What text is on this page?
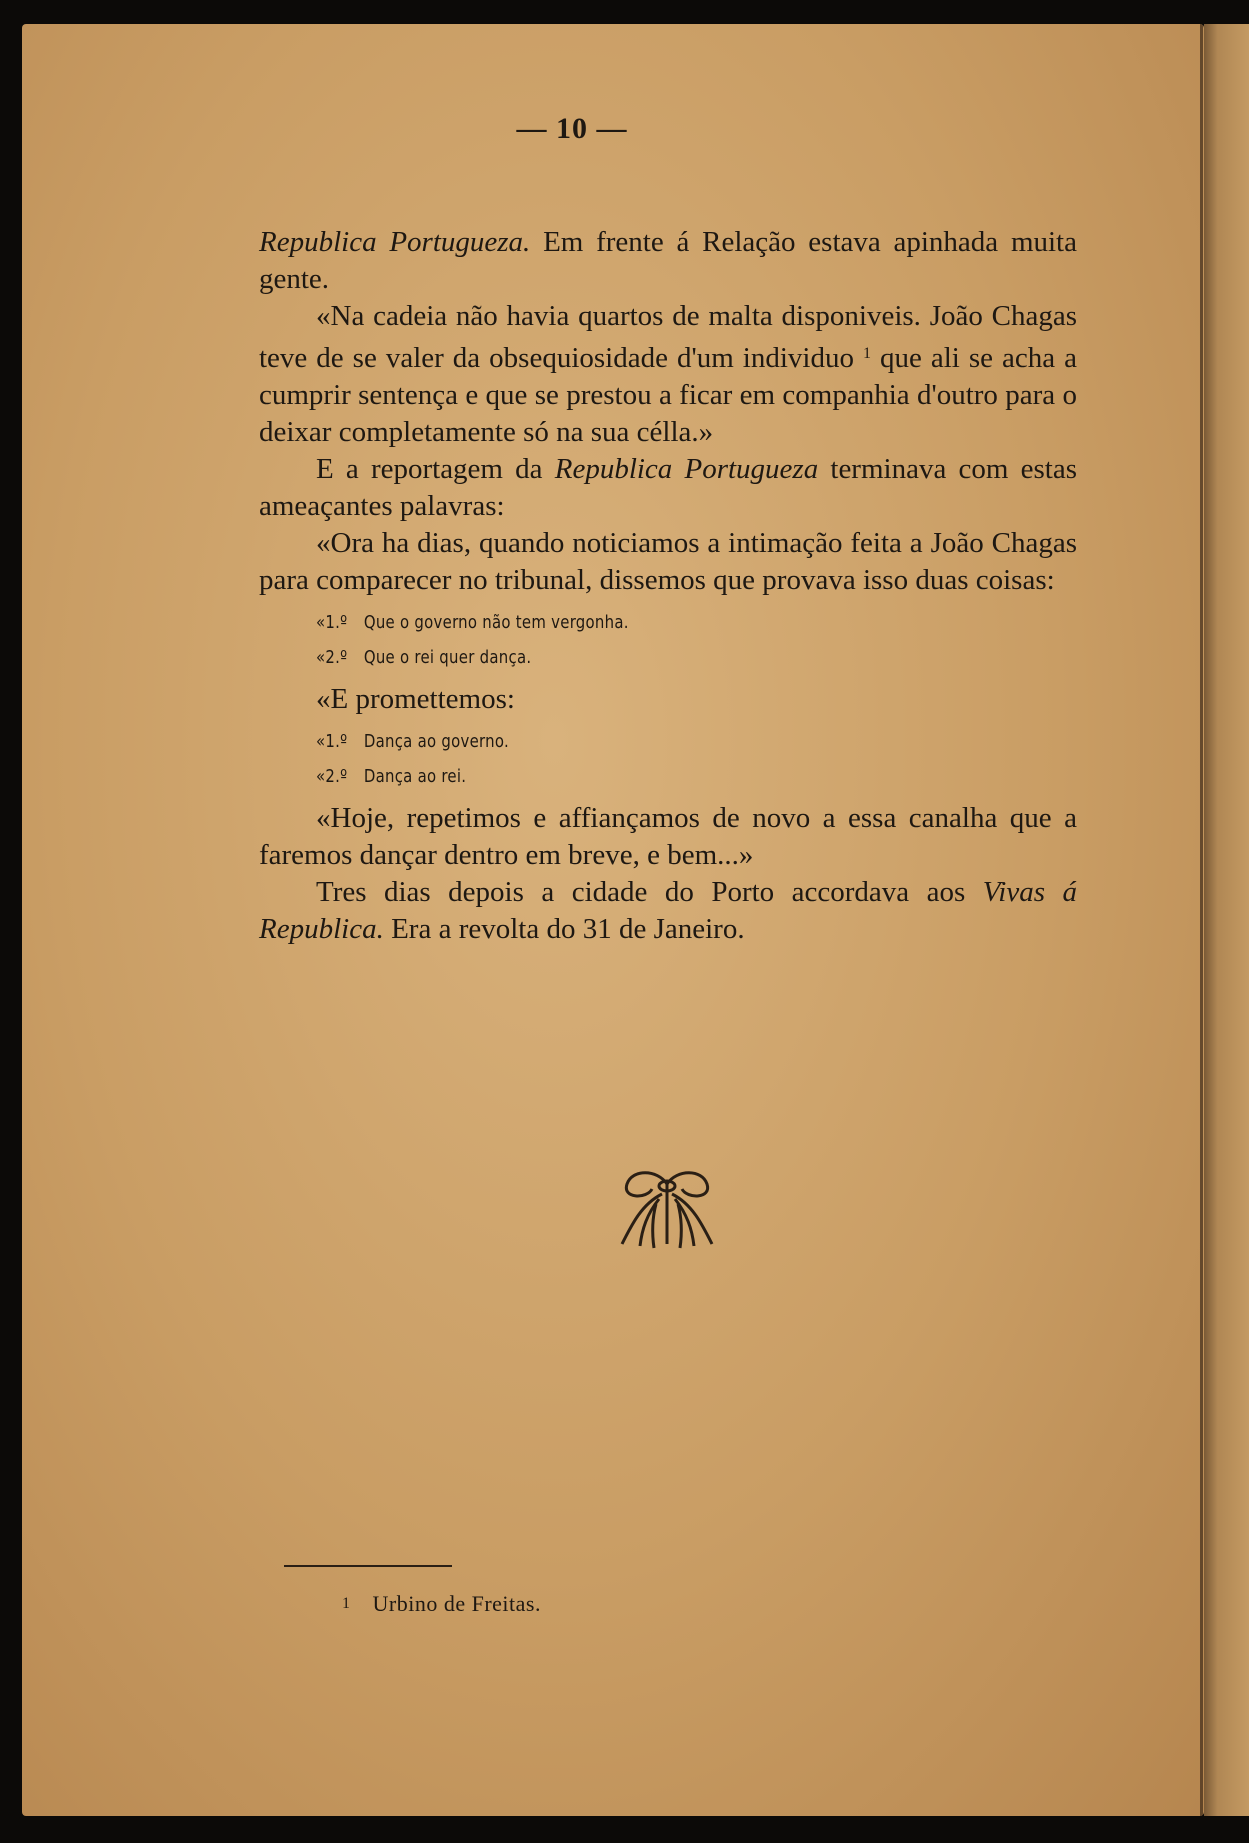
— 10 —

Republica Portugueza. Em frente á Relação estava apinhada muita gente.

«Na cadeia não havia quartos de malta disponiveis. João Chagas teve de se valer da obsequiosidade d'um individuo $^1$ que ali se acha a cumprir sentença e que se prestou a ficar em companhia d'outro para o deixar completamente só na sua célla.»

E a reportagem da Republica Portugueza terminava com estas ameaçantes palavras:

«Ora ha dias, quando noticiamos a intimação feita a João Chagas para comparecer no tribunal, dissemos que provava isso duas coisas:

«1.º Que o governo não tem vergonha.
«2.º Que o rei quer dança.

«E promettemos:

«1.º Dança ao governo.
«2.º Dança ao rei.

«Hoje, repetimos e affiançamos de novo a essa canalha que a faremos dançar dentro em breve, e bem...»

Tres dias depois a cidade do Porto accordava aos Vivas á Republica. Era a revolta do 31 de Janeiro.

1 Urbino de Freitas.
